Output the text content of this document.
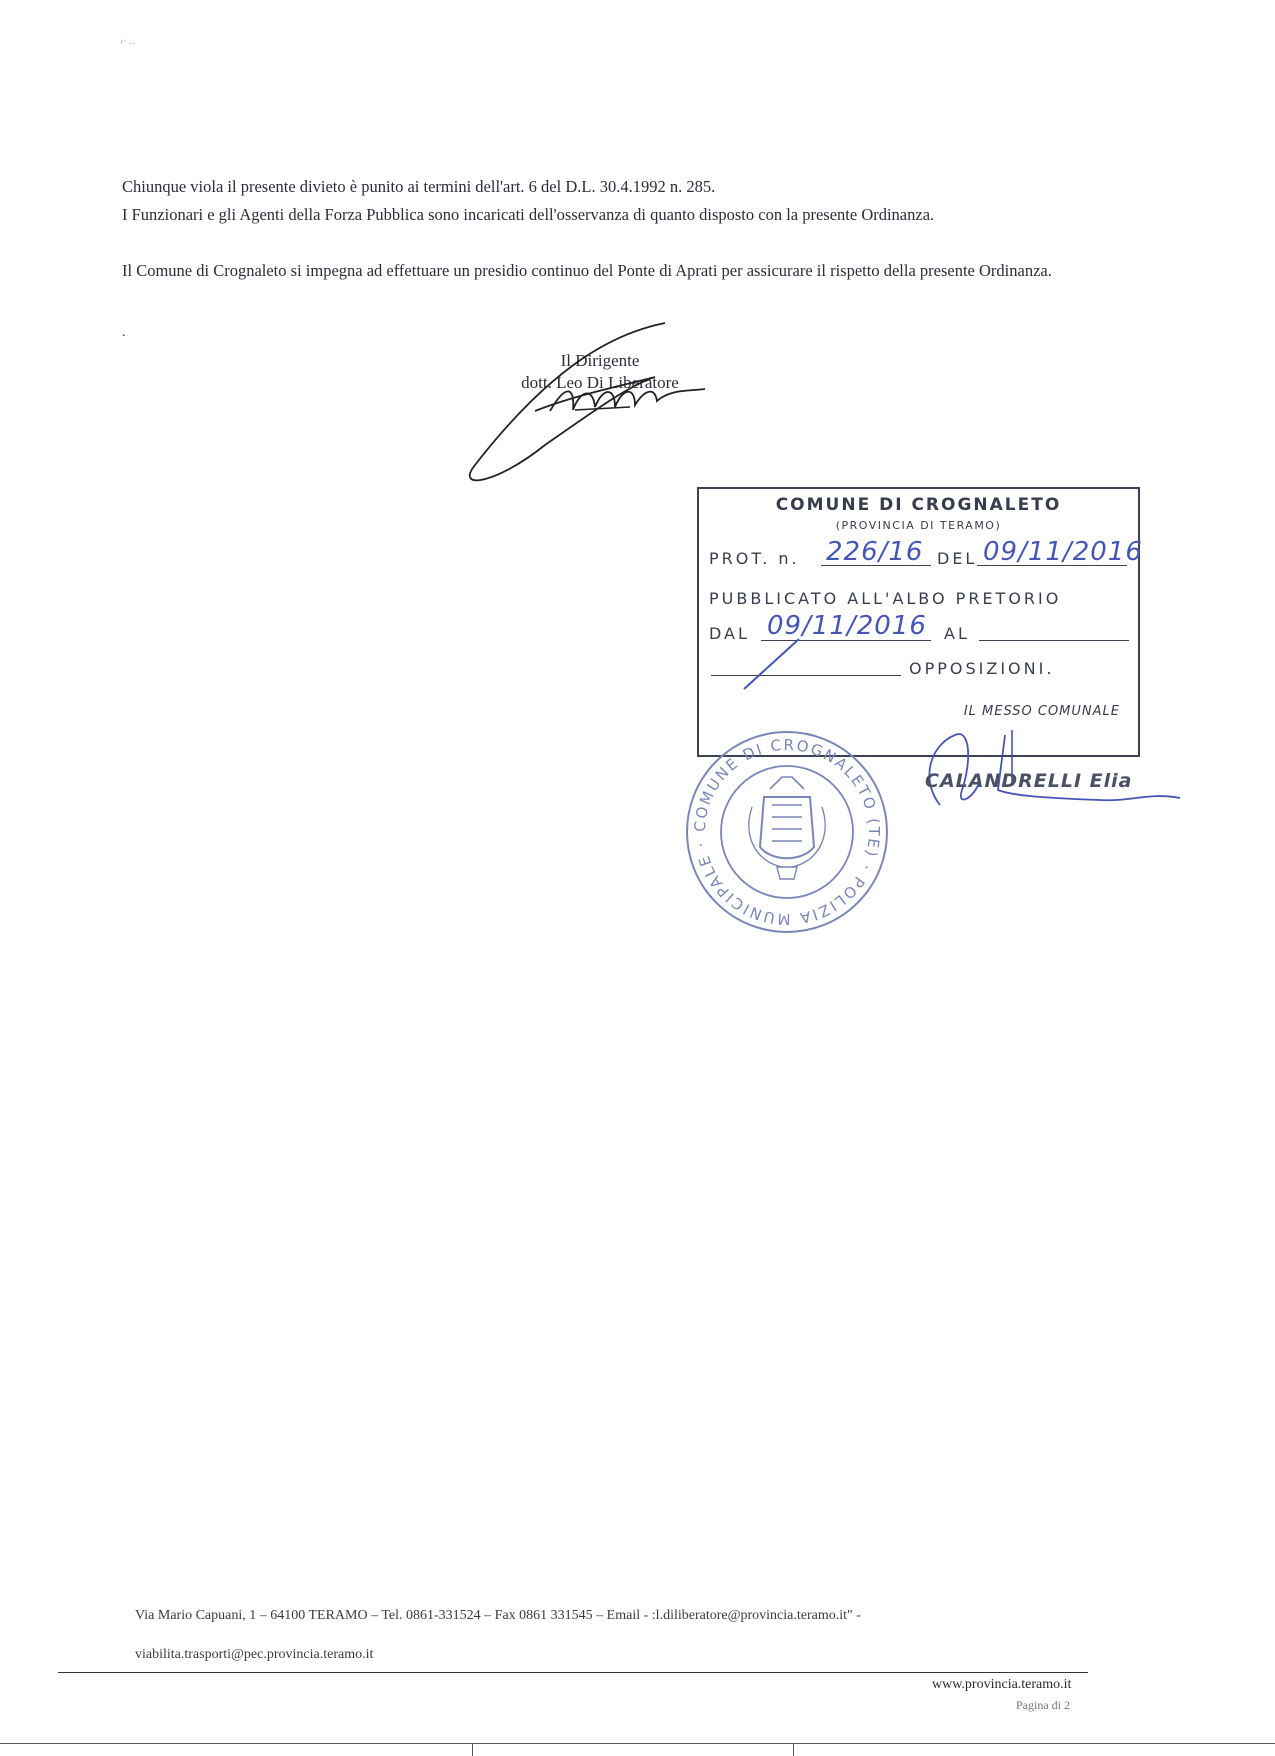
›· ‥

Chiunque viola il presente divieto è punito ai termini dell'art. 6 del D.L. 30.4.1992 n. 285.

I Funzionari e gli Agenti della Forza Pubblica sono incaricati dell'osservanza di quanto disposto con la presente Ordinanza.

Il Comune di Crognaleto si impegna ad effettuare un presidio continuo del Ponte di Aprati per assicurare il rispetto della presente Ordinanza.

.
Il Dirigente
dott. Leo Di Liberatore
COMUNE DI CROGNALETO
(PROVINCIA DI TERAMO)
PROT. n. 226/16 DEL 09/11/2016
PUBBLICATO ALL'ALBO PRETORIO
DAL 09/11/2016 AL
OPPOSIZIONI.
IL MESSO COMUNALE
COMUNE DI CROGNALETO (TE) · POLIZIA MUNICIPALE ·
CALANDRELLI Elia
Via Mario Capuani, 1 – 64100 TERAMO – Tel. 0861-331524 – Fax 0861 331545 – Email - :l.diliberatore@provincia.teramo.it" -
viabilita.trasporti@pec.provincia.teramo.it
www.provincia.teramo.it
Pagina di 2
